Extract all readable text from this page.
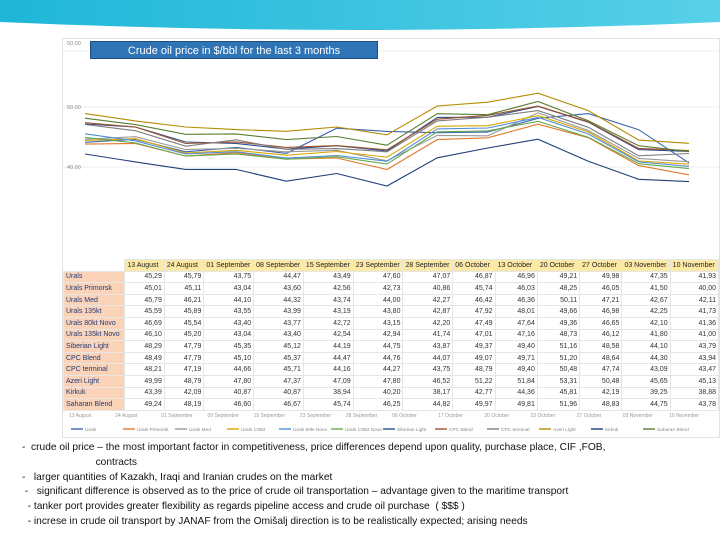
50.00
50.00
40.00
13 August	24 August	01 September	09 September	15 September	23 September	28 September	06 October	17 October	20 October	23 October	27 October	03 November	10 November
Urals	Urals Primorsk	Urals Med	Urals 135kt	Urals 80kt Novo	Urals 135kt Novo	Siberian Light	CPC Blend	CPC terminal	Azeri Light	Kirkuk	Saharan Blend
	13 August	24 August	01 September	08 September	15 September	23 September	28 September	06 October	13 October	20 October	27 October	03 November	10 November
Urals	45,29	45,79	43,75	44,47	43,49	47,60	47,07	46,87	46,96	49,21	49,98	47,35	41,93
Urals Primorsk	45,01	45,11	43,04	43,60	42,56	42,73	40,86	45,74	46,03	48,25	46,05	41,50	40,00
Urals Med	45,79	46,21	44,10	44,32	43,74	44,00	42,27	46,42	46,36	50,11	47,21	42,67	42,11
Urals 135kt	45,59	45,89	43,55	43,99	43,19	43,80	42,87	47,92	48,01	49,66	46,98	42,25	41,73
Urals 80kt Novo	46,69	45,54	43,40	43,77	42,72	43,15	42,20	47,49	47,64	49,36	46,65	42,10	41,36
Urals 135kt Novo	46,10	45,20	43,04	43,40	42,54	42,94	41,74	47,01	47,16	48,73	46,12	41,80	41,00
Siberian Light	48,29	47,79	45,35	45,12	44,19	44,75	43,87	49,37	49,40	51,16	48,58	44,10	43,79
CPC Blend	48,49	47,79	45,10	45,37	44,47	44,76	44,07	49,07	49,71	51,20	48,64	44,30	43,94
CPC terminal	48,21	47,19	44,66	45,71	44,16	44,27	43,75	48,79	49,40	50,48	47,74	43,09	43,47
Azeri Light	49,99	48,79	47,80	47,37	47,09	47,80	46,52	51,22	51,84	53,31	50,48	45,65	45,13
Kirkuk	43,39	42,09	40,87	40,87	38,94	40,20	38,17	42,77	44,36	45,81	42,19	39,25	38,88
Saharan Blend	49,24	48,19	46,60	46,67	45,74	46,25	44,82	49,97	49,81	51,96	48,83	44,75	43,78
Crude oil price in $/bbl for the last 3 months
-  crude oil price – the most important factor in competitiveness, price differences depend upon quality, purchase place, CIF ,FOB,
contracts
-   larger quantities of Kazakh, Iraqi and Iranian crudes on the market
-   significant difference is observed as to the price of crude oil transportation – advantage given to the maritime transport
- tanker port provides greater flexibility as regards pipeline access and crude oil purchase  ( $$$ )
- increse in crude oil transport by JANAF from the Omišalj direction is to be realistically expected; arising needs
